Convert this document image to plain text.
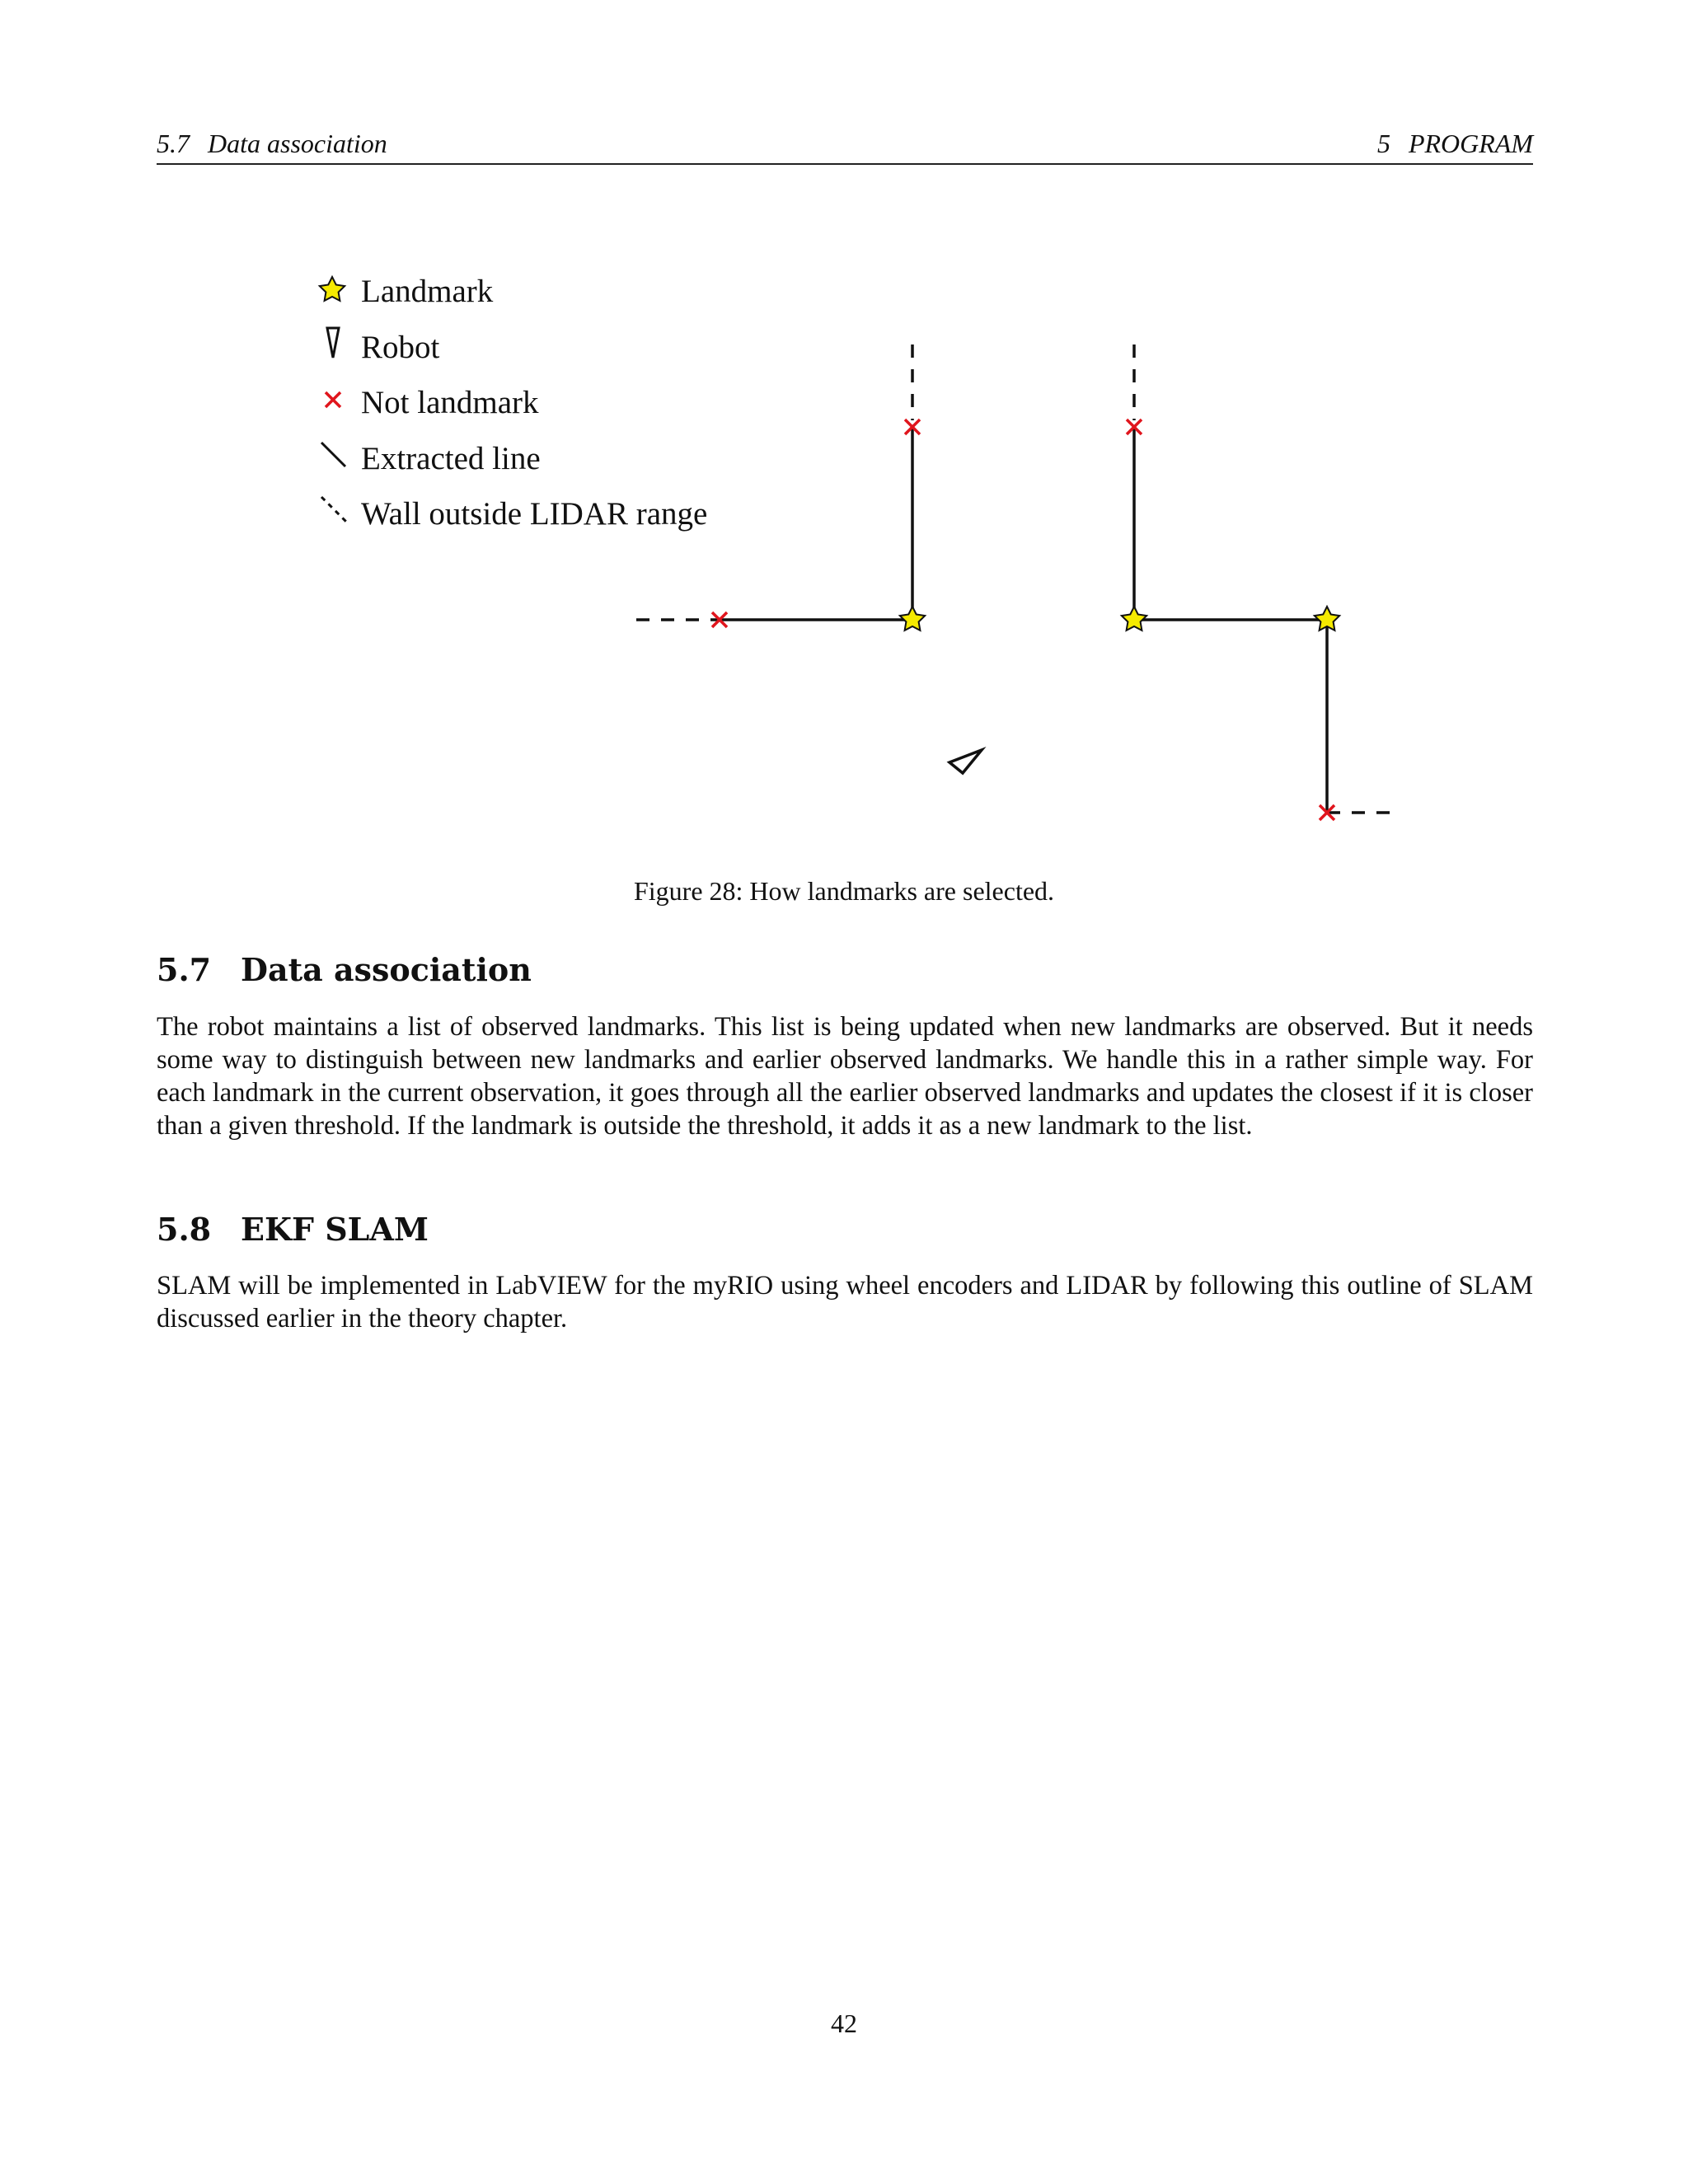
5.7 Data association	5 PROGRAM
Landmark
Robot
Not landmark
Extracted line
Wall outside LIDAR range
Figure 28: How landmarks are selected.
5.7 Data association
The robot maintains a list of observed landmarks. This list is being updated when new landmarks are observed. But it needs some way to distinguish between new landmarks and earlier observed landmarks. We handle this in a rather simple way. For each landmark in the current observation, it goes through all the earlier observed landmarks and updates the closest if it is closer than a given threshold. If the landmark is outside the threshold, it adds it as a new landmark to the list.
5.8 EKF SLAM
SLAM will be implemented in LabVIEW for the myRIO using wheel encoders and LIDAR by following this outline of SLAM discussed earlier in the theory chapter.
42
